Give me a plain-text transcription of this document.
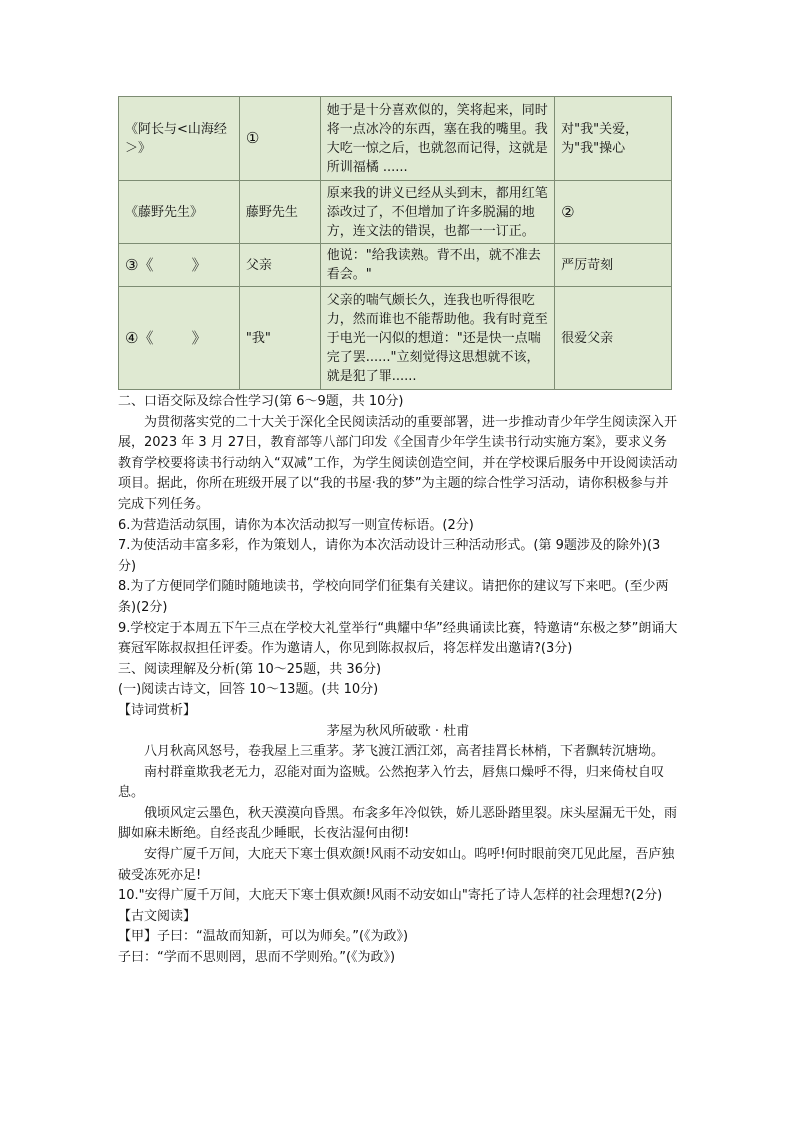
《阿长与<山海经 ＞》	①	她于是十分喜欢似的，笑将起来，同时将一点冰冷的东西，塞在我的嘴里。我大吃一惊之后，也就忽而记得，这就是所训福橘 ......	对"我"关爱，为"我"操心
《藤野先生》	藤野先生	原来我的讲义已经从头到末，都用红笔添改过了，不但增加了许多脱漏的地方，连文法的错误，也都一一订正。	②
③《        》	父亲	他说："给我读熟。背不出，就不准去看会。"	严厉苛刻
④《        》	"我"	父亲的喘气颇长久，连我也听得很吃力，然而谁也不能帮助他。我有时竟至于电光一闪似的想道："还是快一点喘完了罢......"立刻觉得这思想就不该，就是犯了罪......	很爱父亲

二、口语交际及综合性学习(第 6～9题，共 10分)

为贯彻落实党的二十大关于深化全民阅读活动的重要部署，进一步推动青少年学生阅读深入开展，2023 年 3 月 27日，教育部等八部门印发《全国青少年学生读书行动实施方案》，要求义务教育学校要将读书行动纳入“双减”工作，为学生阅读创造空间，并在学校课后服务中开设阅读活动项目。据此，你所在班级开展了以“我的书屋·我的梦”为主题的综合性学习活动，请你积极参与并完成下列任务。

6.为营造活动氛围，请你为本次活动拟写一则宣传标语。(2分)

7.为使活动丰富多彩，作为策划人，请你为本次活动设计三种活动形式。(第 9题涉及的除外)(3分)

8.为了方便同学们随时随地读书，学校向同学们征集有关建议。请把你的建议写下来吧。(至少两条)(2分)

9.学校定于本周五下午三点在学校大礼堂举行“典耀中华”经典诵读比赛，特邀请“东极之梦”朗诵大赛冠军陈叔叔担任评委。作为邀请人，你见到陈叔叔后，将怎样发出邀请?(3分)

三、阅读理解及分析(第 10～25题，共 36分)

(一)阅读古诗文，回答 10～13题。(共 10分)

【诗词赏析】

茅屋为秋风所破歌 · 杜甫

八月秋高风怒号，卷我屋上三重茅。茅飞渡江洒江郊，高者挂罥长林梢，下者飘转沉塘坳。

南村群童欺我老无力，忍能对面为盗贼。公然抱茅入竹去，唇焦口燥呼不得，归来倚杖自叹息。

俄顷风定云墨色，秋天漠漠向昏黑。布衾多年冷似铁，娇儿恶卧踏里裂。床头屋漏无干处，雨脚如麻未断绝。自经丧乱少睡眠，长夜沾湿何由彻!

安得广厦千万间，大庇天下寒士俱欢颜!风雨不动安如山。呜呼!何时眼前突兀见此屋，吾庐独破受冻死亦足!

10."安得广厦千万间，大庇天下寒士俱欢颜!风雨不动安如山"寄托了诗人怎样的社会理想?(2分)

【古文阅读】

【甲】子曰：“温故而知新，可以为师矣。”(《为政》)

子曰：“学而不思则罔，思而不学则殆。”(《为政》)
